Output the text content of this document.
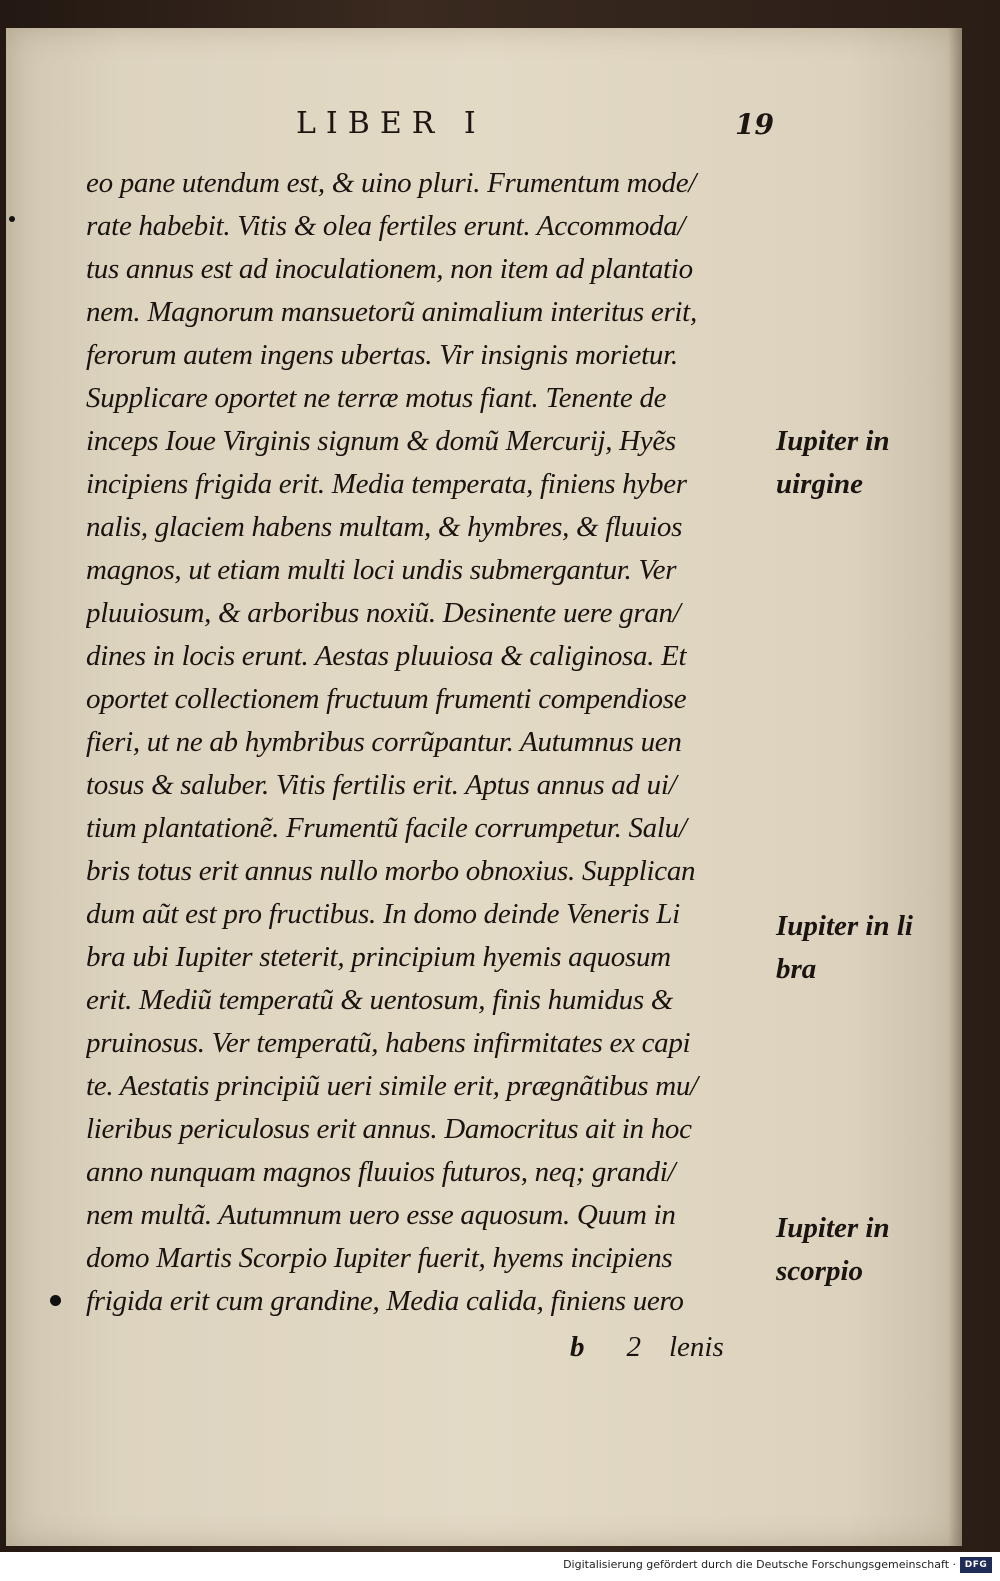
LIBER I	19
eo pane utendum est, & uino pluri. Frumentum mode/
rate habebit. Vitis & olea fertiles erunt. Accommoda/
tus annus est ad inoculationem, non item ad plantatio
nem. Magnorum mansuetorũ animalium interitus erit,
ferorum autem ingens ubertas. Vir insignis morietur.
Supplicare oportet ne terræ motus fiant. Tenente de
inceps Ioue Virginis signum & domũ Mercurij, Hyẽs
incipiens frigida erit. Media temperata, finiens hyber
nalis, glaciem habens multam, & hymbres, & fluuios
magnos, ut etiam multi loci undis submergantur. Ver
pluuiosum, & arboribus noxiũ. Desinente uere gran/
dines in locis erunt. Aestas pluuiosa & caliginosa. Et
oportet collectionem fructuum frumenti compendiose
fieri, ut ne ab hymbribus corrũpantur. Autumnus uen
tosus & saluber. Vitis fertilis erit. Aptus annus ad ui/
tium plantationẽ. Frumentũ facile corrumpetur. Salu/
bris totus erit annus nullo morbo obnoxius. Supplican
dum aũt est pro fructibus. In domo deinde Veneris Li
bra ubi Iupiter steterit, principium hyemis aquosum
erit. Mediũ temperatũ & uentosum, finis humidus &
pruinosus. Ver temperatũ, habens infirmitates ex capi
te. Aestatis principiũ ueri simile erit, prægnãtibus mu/
lieribus periculosus erit annus. Damocritus ait in hoc
anno nunquam magnos fluuios futuros, neq; grandi/
nem multã. Autumnum uero esse aquosum. Quum in
domo Martis Scorpio Iupiter fuerit, hyems incipiens
frigida erit cum grandine, Media calida, finiens uero
b 2 lenis
Iupiter in
uirgine
Iupiter in li
bra
Iupiter in
scorpio
Digitalisierung gefördert durch die Deutsche Forschungsgemeinschaft · DFG
